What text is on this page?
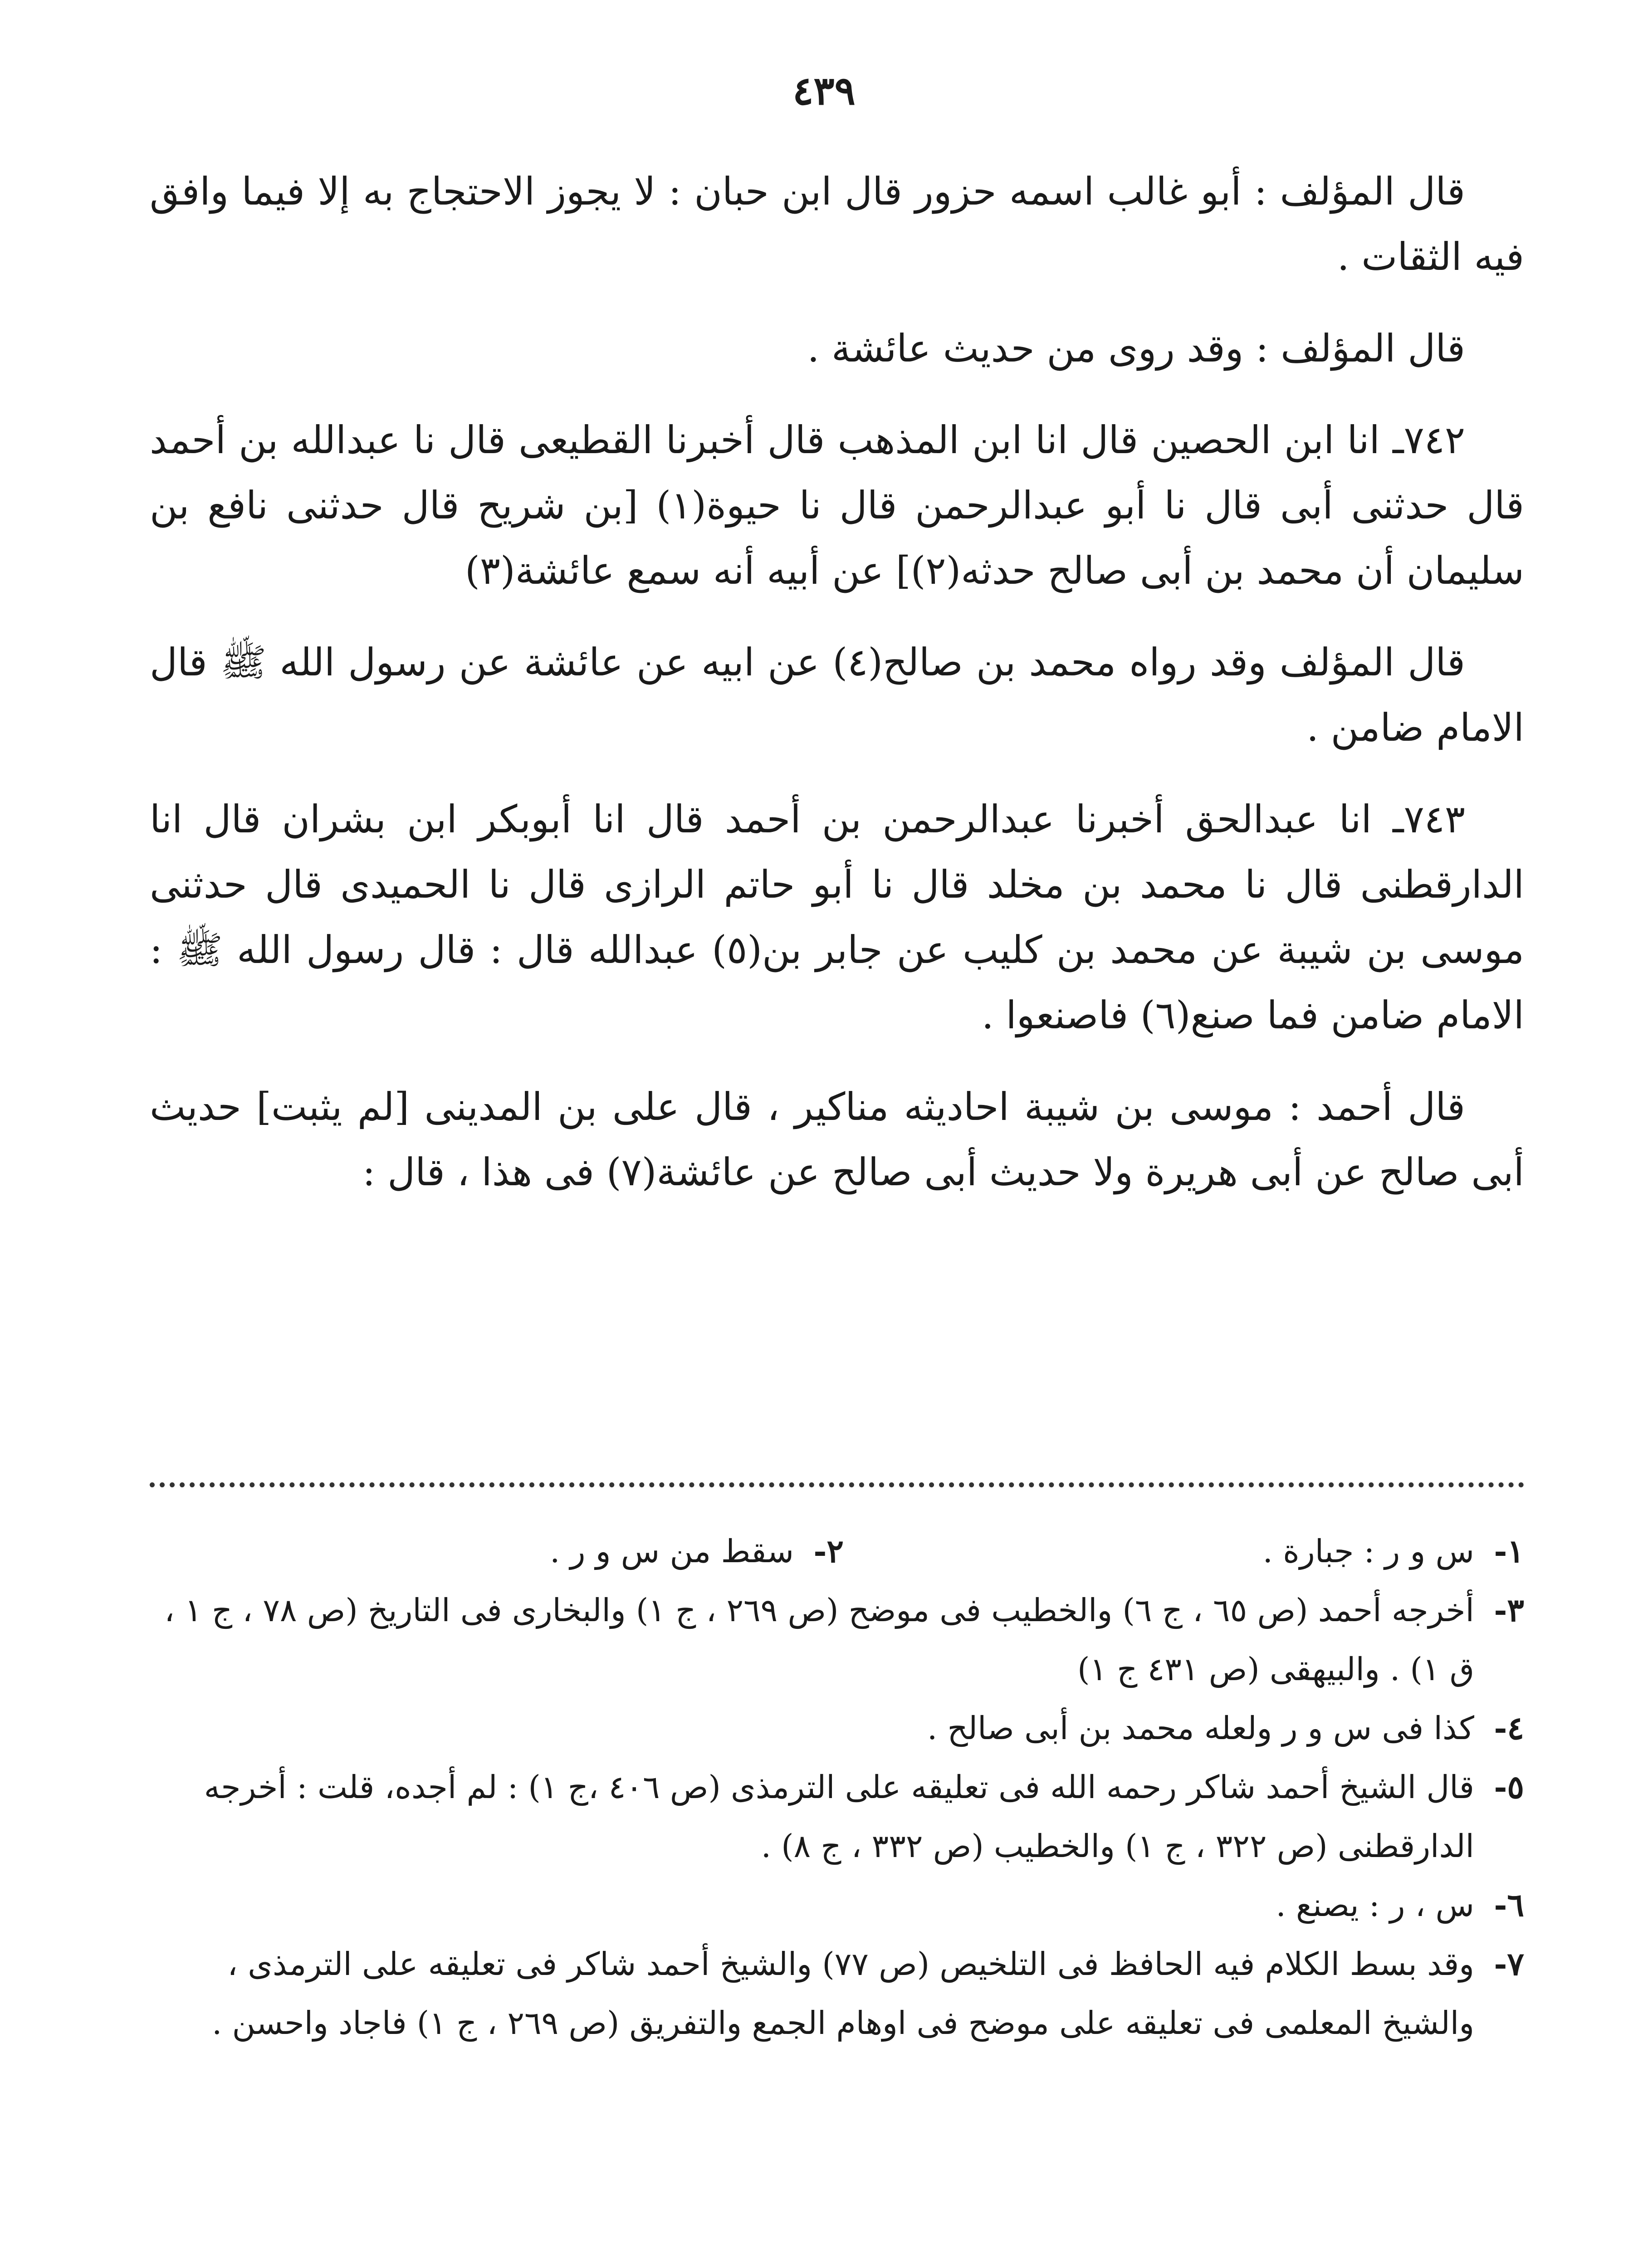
٤٣٩

قال المؤلف : أبو غالب اسمه حزور قال ابن حبان : لا يجوز الاحتجاج به إلا فيما وافق فيه الثقات .

قال المؤلف : وقد روى من حديث عائشة .

٧٤٢ـ انا ابن الحصين قال انا ابن المذهب قال أخبرنا القطيعى قال نا عبدالله بن أحمد قال حدثنى أبى قال نا أبو عبدالرحمن قال نا حيوة(١) [بن شريح قال حدثنى نافع بن سليمان أن محمد بن أبى صالح حدثه(٢)] عن أبيه أنه سمع عائشة(٣)

قال المؤلف وقد رواه محمد بن صالح(٤) عن ابيه عن عائشة عن رسول الله ﷺ قال الامام ضامن .

٧٤٣ـ انا عبدالحق أخبرنا عبدالرحمن بن أحمد قال انا أبوبكر ابن بشران قال انا الدارقطنى قال نا محمد بن مخلد قال نا أبو حاتم الرازى قال نا الحميدى قال حدثنى موسى بن شيبة عن محمد بن كليب عن جابر بن(٥) عبدالله قال : قال رسول الله ﷺ : الامام ضامن فما صنع(٦) فاصنعوا .

قال أحمد : موسى بن شيبة احاديثه مناكير ، قال على بن المدينى [لم يثبت] حديث أبى صالح عن أبى هريرة ولا حديث أبى صالح عن عائشة(٧) فى هذا ، قال :

١-
س و ر : جبارة .
٢-
سقط من س و ر .
٣-
أخرجه أحمد (ص ٦٥ ، ج ٦) والخطيب فى موضح (ص ٢٦٩ ، ج ١) والبخارى فى التاريخ (ص ٧٨ ، ج ١ ، ق ١) . والبيهقى (ص ٤٣١ ج ١)
٤-
كذا فى س و ر ولعله محمد بن أبى صالح .
٥-
قال الشيخ أحمد شاكر رحمه الله فى تعليقه على الترمذى (ص ٤٠٦ ،ج ١) : لم أجده، قلت : أخرجه الدارقطنى (ص ٣٢٢ ، ج ١) والخطيب (ص ٣٣٢ ، ج ٨) .
٦-
س ، ر : يصنع .
٧-
وقد بسط الكلام فيه الحافظ فى التلخيص (ص ٧٧) والشيخ أحمد شاكر فى تعليقه على الترمذى ، والشيخ المعلمى فى تعليقه على موضح فى اوهام الجمع والتفريق (ص ٢٦٩ ، ج ١) فاجاد واحسن .
